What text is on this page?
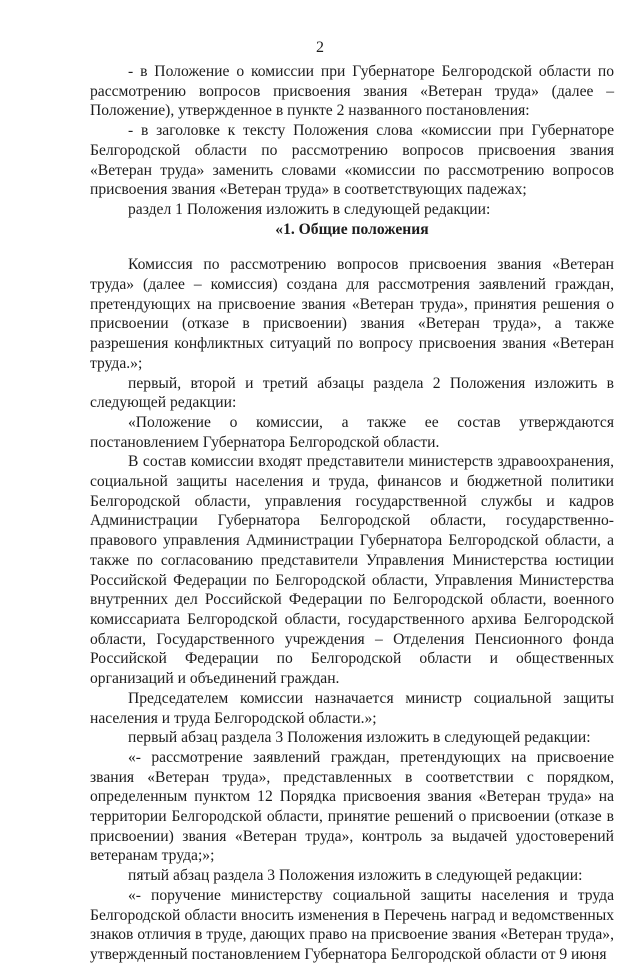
2

- в Положение о комиссии при Губернаторе Белгородской области по рассмотрению вопросов присвоения звания «Ветеран труда» (далее – Положение), утвержденное в пункте 2 названного постановления:

- в заголовке к тексту Положения слова «комиссии при Губернаторе Белгородской области по рассмотрению вопросов присвоения звания «Ветеран труда» заменить словами «комиссии по рассмотрению вопросов присвоения звания «Ветеран труда» в соответствующих падежах;

раздел 1 Положения изложить в следующей редакции:

«1. Общие положения

Комиссия по рассмотрению вопросов присвоения звания «Ветеран труда» (далее – комиссия) создана для рассмотрения заявлений граждан, претендующих на присвоение звания «Ветеран труда», принятия решения о присвоении (отказе в присвоении) звания «Ветеран труда», а также разрешения конфликтных ситуаций по вопросу присвоения звания «Ветеран труда.»;

первый, второй и третий абзацы раздела 2 Положения изложить в следующей редакции:

«Положение о комиссии, а также ее состав утверждаются постановлением Губернатора Белгородской области.

В состав комиссии входят представители министерств здравоохранения, социальной защиты населения и труда, финансов и бюджетной политики Белгородской области, управления государственной службы и кадров Администрации Губернатора Белгородской области, государственно-правового управления Администрации Губернатора Белгородской области, а также по согласованию представители Управления Министерства юстиции Российской Федерации по Белгородской области, Управления Министерства внутренних дел Российской Федерации по Белгородской области, военного комиссариата Белгородской области, государственного архива Белгородской области, Государственного учреждения – Отделения Пенсионного фонда Российской Федерации по Белгородской области и общественных организаций и объединений граждан.

Председателем комиссии назначается министр социальной защиты населения и труда Белгородской области.»;

первый абзац раздела 3 Положения изложить в следующей редакции:

«- рассмотрение заявлений граждан, претендующих на присвоение звания «Ветеран труда», представленных в соответствии с порядком, определенным пунктом 12 Порядка присвоения звания «Ветеран труда» на территории Белгородской области, принятие решений о присвоении (отказе в присвоении) звания «Ветеран труда», контроль за выдачей удостоверений ветеранам труда;»;

пятый абзац раздела 3 Положения изложить в следующей редакции:

«- поручение министерству социальной защиты населения и труда Белгородской области вносить изменения в Перечень наград и ведомственных знаков отличия в труде, дающих право на присвоение звания «Ветеран труда», утвержденный постановлением Губернатора Белгородской области от 9 июня
